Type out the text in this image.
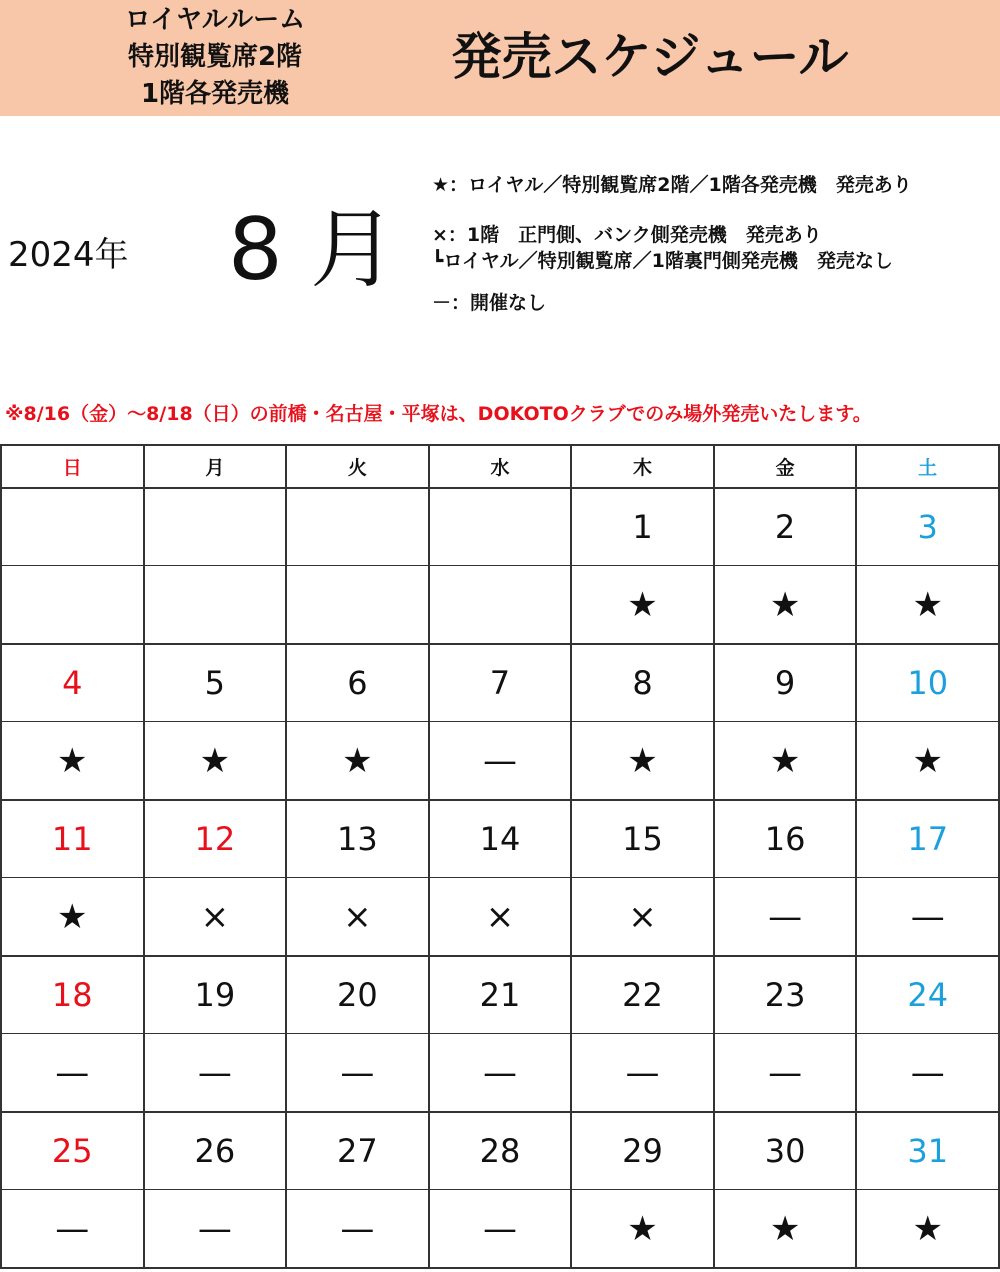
ロイヤルルーム
特別観覧席2階
1階各発売機
発売スケジュール
2024年 8 月
★：ロイヤル／特別観覧席2階／1階各発売機　発売あり
×：1階　正門側、バンク側発売機　発売あり
┗ロイヤル／特別観覧席／1階裏門側発売機　発売なし
－：開催なし
※8/16（金）～8/18（日）の前橋・名古屋・平塚は、DOKOTOクラブでのみ場外発売いたします。
日	月	火	水	木	金	土
				1	2	3
				★	★	★
4	5	6	7	8	9	10
★	★	★	—	★	★	★
11	12	13	14	15	16	17
★	×	×	×	×	—	—
18	19	20	21	22	23	24
—	—	—	—	—	—	—
25	26	27	28	29	30	31
—	—	—	—	★	★	★
